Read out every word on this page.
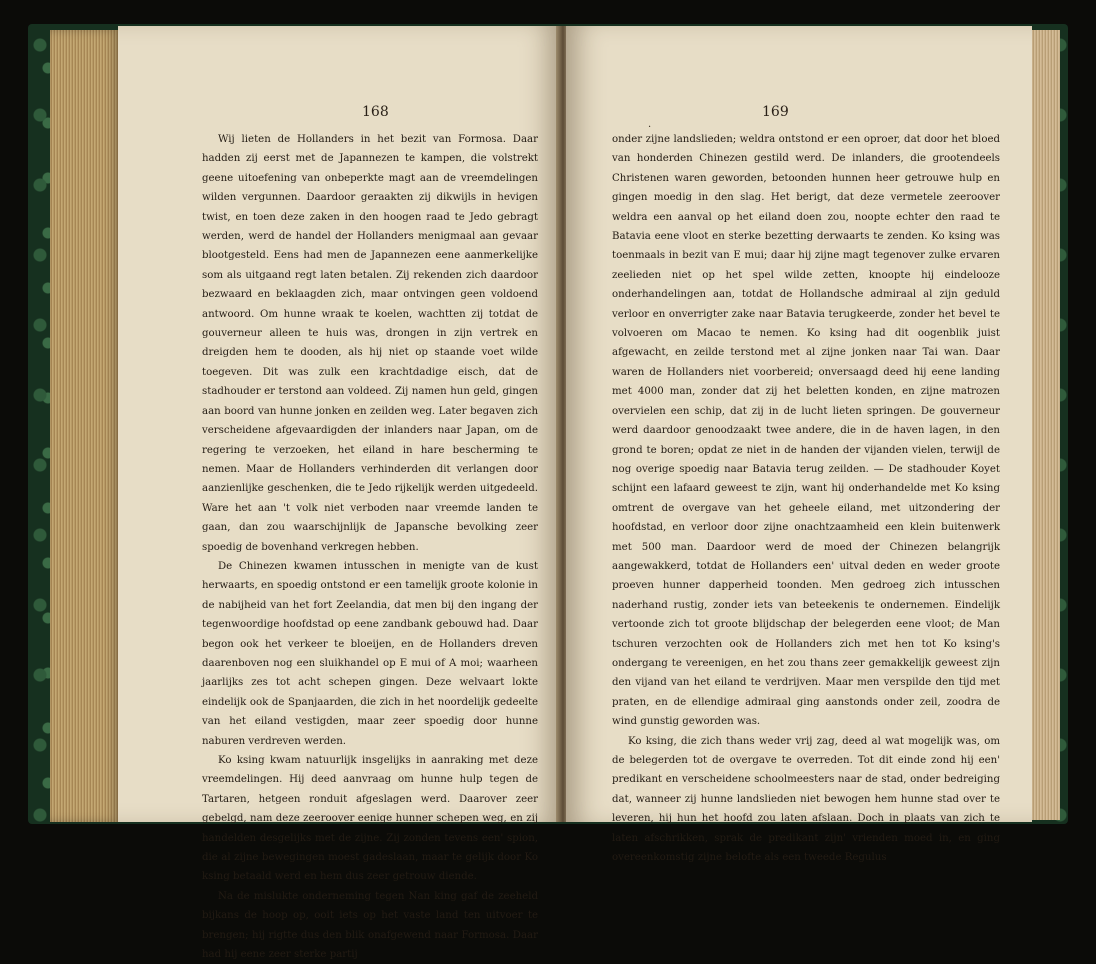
168

Wij lieten de Hollanders in het bezit van Formosa. Daar hadden zij eerst met de Japannezen te kampen, die volstrekt geene uitoefening van onbeperkte magt aan de vreemdelingen wilden vergunnen. Daardoor geraakten zij dikwijls in hevigen twist, en toen deze zaken in den hoogen raad te Jedo gebragt werden, werd de handel der Hollanders menigmaal aan gevaar blootgesteld. Eens had men de Japannezen eene aanmerkelijke som als uitgaand regt laten betalen. Zij rekenden zich daardoor bezwaard en beklaagden zich, maar ontvingen geen voldoend antwoord. Om hunne wraak te koelen, wachtten zij totdat de gouverneur alleen te huis was, drongen in zijn vertrek en dreigden hem te dooden, als hij niet op staande voet wilde toegeven. Dit was zulk een krachtdadige eisch, dat de stadhouder er terstond aan voldeed. Zij namen hun geld, gingen aan boord van hunne jonken en zeilden weg. Later begaven zich verscheidene afgevaardigden der inlanders naar Japan, om de regering te verzoeken, het eiland in hare bescherming te nemen. Maar de Hollanders verhinderden dit verlangen door aanzienlijke geschenken, die te Jedo rijkelijk werden uitgedeeld. Ware het aan 't volk niet verboden naar vreemde landen te gaan, dan zou waarschijnlijk de Japansche bevolking zeer spoedig de bovenhand verkregen hebben.

De Chinezen kwamen intusschen in menigte van de kust herwaarts, en spoedig ontstond er een tamelijk groote kolonie in de nabijheid van het fort Zeelandia, dat men bij den ingang der tegenwoordige hoofdstad op eene zandbank gebouwd had. Daar begon ook het verkeer te bloeijen, en de Hollanders dreven daarenboven nog een sluikhandel op E mui of A moi; waarheen jaarlijks zes tot acht schepen gingen. Deze welvaart lokte eindelijk ook de Spanjaarden, die zich in het noordelijk gedeelte van het eiland vestigden, maar zeer spoedig door hunne naburen verdreven werden.

Ko ksing kwam natuurlijk insgelijks in aanraking met deze vreemdelingen. Hij deed aanvraag om hunne hulp tegen de Tartaren, hetgeen ronduit afgeslagen werd. Daarover zeer gebelgd, nam deze zeeroover eenige hunner schepen weg, en zij handelden desgelijks met de zijne. Zij zonden tevens een' spion, die al zijne bewegingen moest gadeslaan, maar te gelijk door Ko ksing betaald werd en hem dus zeer getrouw diende.

Na de mislukte onderneming tegen Nan king gaf de zeeheld bijkans de hoop op, ooit iets op het vaste land ten uitvoer te brengen; hij rigtte dus den blik onafgewend naar Formosa. Daar had hij eene zeer sterke partij

169
·

onder zijne landslieden; weldra ontstond er een oproer, dat door het bloed van honderden Chinezen gestild werd. De inlanders, die grootendeels Christenen waren geworden, betoonden hunnen heer getrouwe hulp en gingen moedig in den slag. Het berigt, dat deze vermetele zeeroover weldra een aanval op het eiland doen zou, noopte echter den raad te Batavia eene vloot en sterke bezetting derwaarts te zenden. Ko ksing was toenmaals in bezit van E mui; daar hij zijne magt tegenover zulke ervaren zeelieden niet op het spel wilde zetten, knoopte hij eindelooze onderhandelingen aan, totdat de Hollandsche admiraal al zijn geduld verloor en onverrigter zake naar Batavia terugkeerde, zonder het bevel te volvoeren om Macao te nemen. Ko ksing had dit oogenblik juist afgewacht, en zeilde terstond met al zijne jonken naar Tai wan. Daar waren de Hollanders niet voorbereid; onversaagd deed hij eene landing met 4000 man, zonder dat zij het beletten konden, en zijne matrozen overvielen een schip, dat zij in de lucht lieten springen. De gouverneur werd daardoor genoodzaakt twee andere, die in de haven lagen, in den grond te boren; opdat ze niet in de handen der vijanden vielen, terwijl de nog overige spoedig naar Batavia terug zeilden. — De stadhouder Koyet schijnt een lafaard geweest te zijn, want hij onderhandelde met Ko ksing omtrent de overgave van het geheele eiland, met uitzondering der hoofdstad, en verloor door zijne onachtzaamheid een klein buitenwerk met 500 man. Daardoor werd de moed der Chinezen belangrijk aangewakkerd, totdat de Hollanders een' uitval deden en weder groote proeven hunner dapperheid toonden. Men gedroeg zich intusschen naderhand rustig, zonder iets van beteekenis te ondernemen. Eindelijk vertoonde zich tot groote blijdschap der belegerden eene vloot; de Man tschuren verzochten ook de Hollanders zich met hen tot Ko ksing's ondergang te vereenigen, en het zou thans zeer gemakkelijk geweest zijn den vijand van het eiland te verdrijven. Maar men verspilde den tijd met praten, en de ellendige admiraal ging aanstonds onder zeil, zoodra de wind gunstig geworden was.

Ko ksing, die zich thans weder vrij zag, deed al wat mogelijk was, om de belegerden tot de overgave te overreden. Tot dit einde zond hij een' predikant en verscheidene schoolmeesters naar de stad, onder bedreiging dat, wanneer zij hunne landslieden niet bewogen hem hunne stad over te leveren, hij hun het hoofd zou laten afslaan. Doch in plaats van zich te laten afschrikken, sprak de predikant zijn' vrienden moed in, en ging overeenkomstig zijne belofte als een tweede Regulus
